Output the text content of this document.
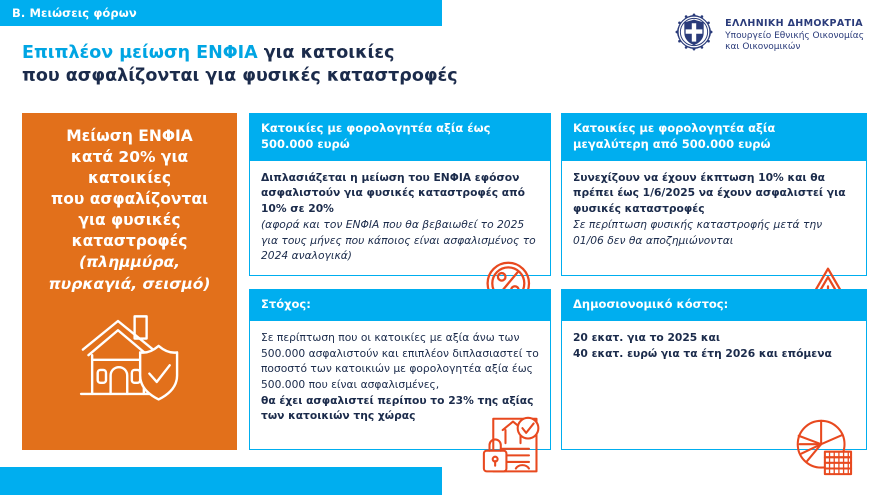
B. Μειώσεις φόρων
ΕΛΛΗΝΙΚΗ ΔΗΜΟΚΡΑΤΙΑ
Υπουργείο Εθνικής Οικονομίας
και Οικονομικών
Επιπλέον μείωση ΕΝΦΙΑ για κατοικίες
που ασφαλίζονται για φυσικές καταστροφές
Μείωση ΕΝΦΙΑ
κατά 20% για
κατοικίες
που ασφαλίζονται
για φυσικές
καταστροφές
(πλημμύρα,
πυρκαγιά, σεισμό)
Κατοικίες με φορολογητέα αξία έως 500.000 ευρώ

Διπλασιάζεται η μείωση του ΕΝΦΙΑ εφόσον ασφαλιστούν για φυσικές καταστροφές από 10% σε 20%

(αφορά και τον ΕΝΦΙΑ που θα βεβαιωθεί το 2025 για τους μήνες που κάποιος είναι ασφαλισμένος το 2024 αναλογικά)

Κατοικίες με φορολογητέα αξία μεγαλύτερη από 500.000 ευρώ

Συνεχίζουν να έχουν έκπτωση 10% και θα πρέπει έως 1/6/2025 να έχουν ασφαλιστεί για φυσικές καταστροφές

Σε περίπτωση φυσικής καταστροφής μετά την 01/06 δεν θα αποζημιώνονται

Στόχος:

Σε περίπτωση που οι κατοικίες με αξία άνω των 500.000 ασφαλιστούν και επιπλέον διπλασιαστεί το ποσοστό των κατοικιών με φορολογητέα αξία έως 500.000 που είναι ασφαλισμένες,

θα έχει ασφαλιστεί περίπου το 23% της αξίας των κατοικιών της χώρας

Δημοσιονομικό κόστος:

20 εκατ. για το 2025 και

40 εκατ. ευρώ για τα έτη 2026 και επόμενα
